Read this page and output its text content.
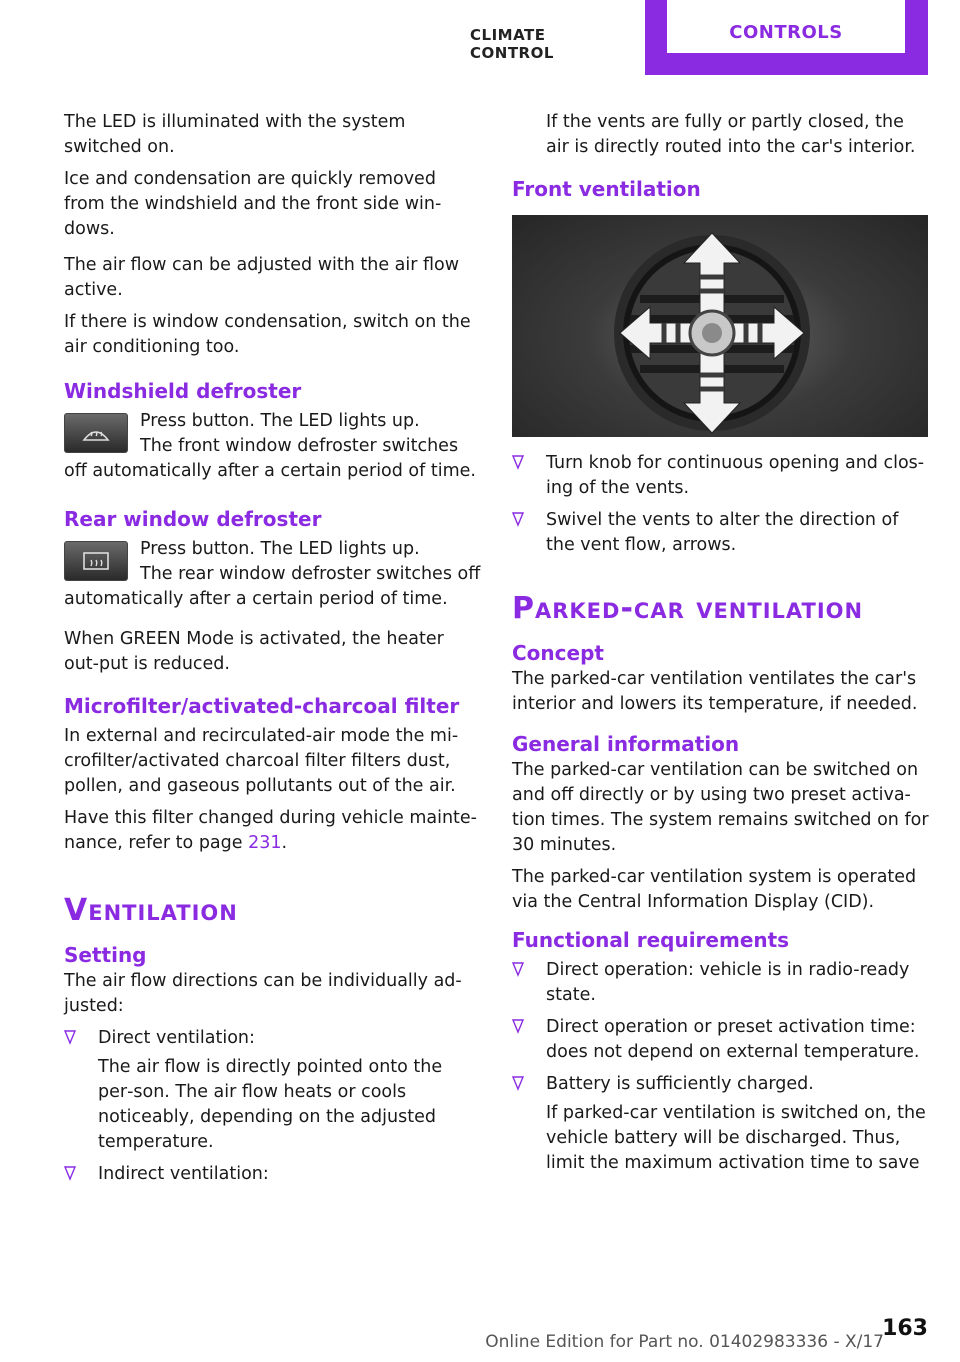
CLIMATE CONTROL
CONTROLS

The LED is illuminated with the system switched on.

Ice and condensation are quickly removed from the windshield and the front side win‐dows.

The air flow can be adjusted with the air flow active.

If there is window condensation, switch on the air conditioning too.

Windshield defroster

Press button. The LED lights up.

The front window defroster switches off automatically after a certain period of time.

Rear window defroster

Press button. The LED lights up.

The rear window defroster switches off automatically after a certain period of time.

When GREEN Mode is activated, the heater out‐put is reduced.

Microfilter/activated-charcoal filter

In external and recirculated-air mode the mi‐crofilter/activated charcoal filter filters dust, pollen, and gaseous pollutants out of the air.

Have this filter changed during vehicle mainte‐nance, refer to page 231.

Ventilation
Setting

The air flow directions can be individually ad‐justed:

Direct ventilation:

The air flow is directly pointed onto the per‐son. The air flow heats or cools noticeably, depending on the adjusted temperature.

Indirect ventilation:

If the vents are fully or partly closed, the air is directly routed into the car's interior.

Front ventilation

Turn knob for continuous opening and clos‐ing of the vents.

Swivel the vents to alter the direction of the vent flow, arrows.

Parked-car ventilation
Concept

The parked-car ventilation ventilates the car's interior and lowers its temperature, if needed.

General information

The parked-car ventilation can be switched on and off directly or by using two preset activa‐tion times. The system remains switched on for 30 minutes.

The parked-car ventilation system is operated via the Central Information Display (CID).

Functional requirements

Direct operation: vehicle is in radio-ready state.

Direct operation or preset activation time: does not depend on external temperature.

Battery is sufficiently charged.

If parked-car ventilation is switched on, the vehicle battery will be discharged. Thus, limit the maximum activation time to save

Online Edition for Part no. 01402983336 - X/17
163
